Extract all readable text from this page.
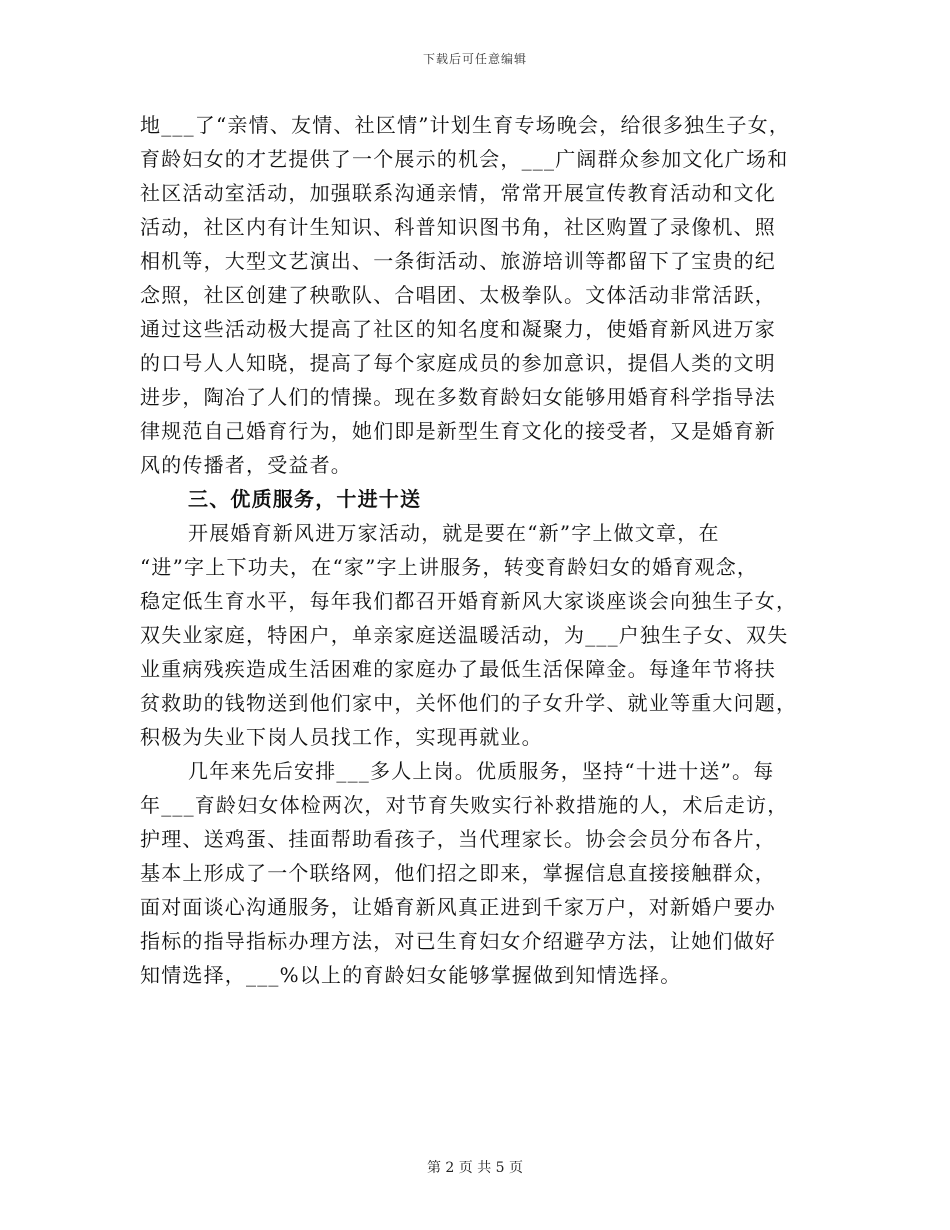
下载后可任意编辑
地___了“亲情、友情、社区情”计划生育专场晚会，给很多独生子女，
育龄妇女的才艺提供了一个展示的机会，___广阔群众参加文化广场和
社区活动室活动，加强联系沟通亲情，常常开展宣传教育活动和文化
活动，社区内有计生知识、科普知识图书角，社区购置了录像机、照
相机等，大型文艺演出、一条街活动、旅游培训等都留下了宝贵的纪
念照，社区创建了秧歌队、合唱团、太极拳队。文体活动非常活跃，
通过这些活动极大提高了社区的知名度和凝聚力，使婚育新风进万家
的口号人人知晓，提高了每个家庭成员的参加意识，提倡人类的文明
进步，陶冶了人们的情操。现在多数育龄妇女能够用婚育科学指导法
律规范自己婚育行为，她们即是新型生育文化的接受者，又是婚育新
风的传播者，受益者。
三、优质服务，十进十送
开展婚育新风进万家活动，就是要在“新”字上做文章，在
“进”字上下功夫，在“家”字上讲服务，转变育龄妇女的婚育观念，
稳定低生育水平，每年我们都召开婚育新风大家谈座谈会向独生子女，
双失业家庭，特困户，单亲家庭送温暖活动，为___户独生子女、双失
业重病残疾造成生活困难的家庭办了最低生活保障金。每逢年节将扶
贫救助的钱物送到他们家中，关怀他们的子女升学、就业等重大问题，
积极为失业下岗人员找工作，实现再就业。
几年来先后安排___多人上岗。优质服务，坚持“十进十送”。每
年___育龄妇女体检两次，对节育失败实行补救措施的人，术后走访，
护理、送鸡蛋、挂面帮助看孩子，当代理家长。协会会员分布各片，
基本上形成了一个联络网，他们招之即来，掌握信息直接接触群众，
面对面谈心沟通服务，让婚育新风真正进到千家万户，对新婚户要办
指标的指导指标办理方法，对已生育妇女介绍避孕方法，让她们做好
知情选择，___%以上的育龄妇女能够掌握做到知情选择。
第 2 页 共 5 页
